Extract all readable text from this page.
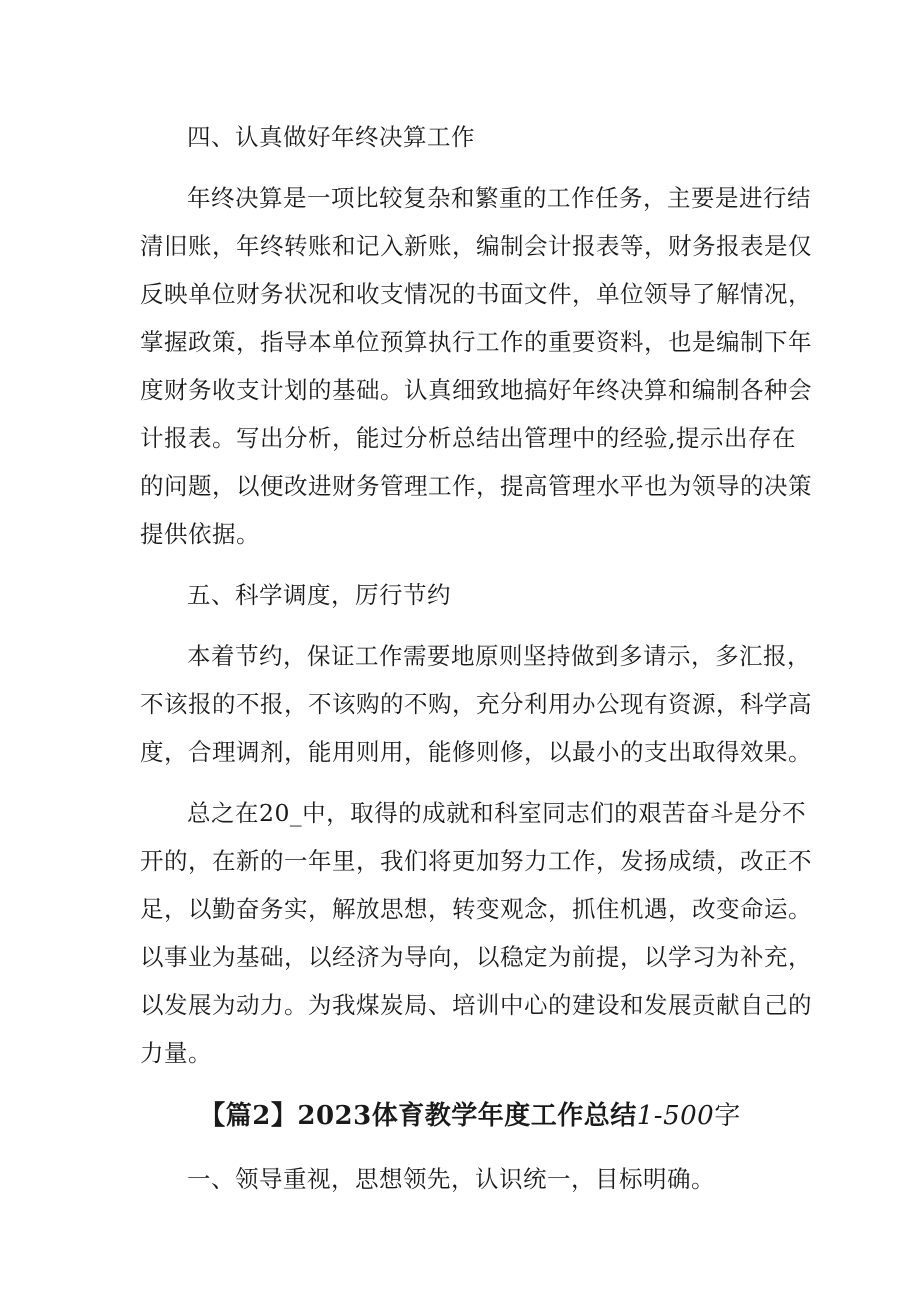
四、认真做好年终决算工作
年终决算是一项比较复杂和繁重的工作任务，主要是进行结
清旧账，年终转账和记入新账，编制会计报表等，财务报表是仅
反映单位财务状况和收支情况的书面文件，单位领导了解情况，
掌握政策，指导本单位预算执行工作的重要资料，也是编制下年
度财务收支计划的基础。认真细致地搞好年终决算和编制各种会
计报表。写出分析，能过分析总结出管理中的经验,提示出存在
的问题，以便改进财务管理工作，提高管理水平也为领导的决策
提供依据。
五、科学调度，厉行节约
本着节约，保证工作需要地原则坚持做到多请示，多汇报，
不该报的不报，不该购的不购，充分利用办公现有资源，科学高
度，合理调剂，能用则用，能修则修，以最小的支出取得效果。
总之在20_中，取得的成就和科室同志们的艰苦奋斗是分不
开的，在新的一年里，我们将更加努力工作，发扬成绩，改正不
足，以勤奋务实，解放思想，转变观念，抓住机遇，改变命运。
以事业为基础，以经济为导向，以稳定为前提，以学习为补充，
以发展为动力。为我煤炭局、培训中心的建设和发展贡献自己的
力量。
【篇2】2023体育教学年度工作总结1-500字
一、领导重视，思想领先，认识统一，目标明确。
